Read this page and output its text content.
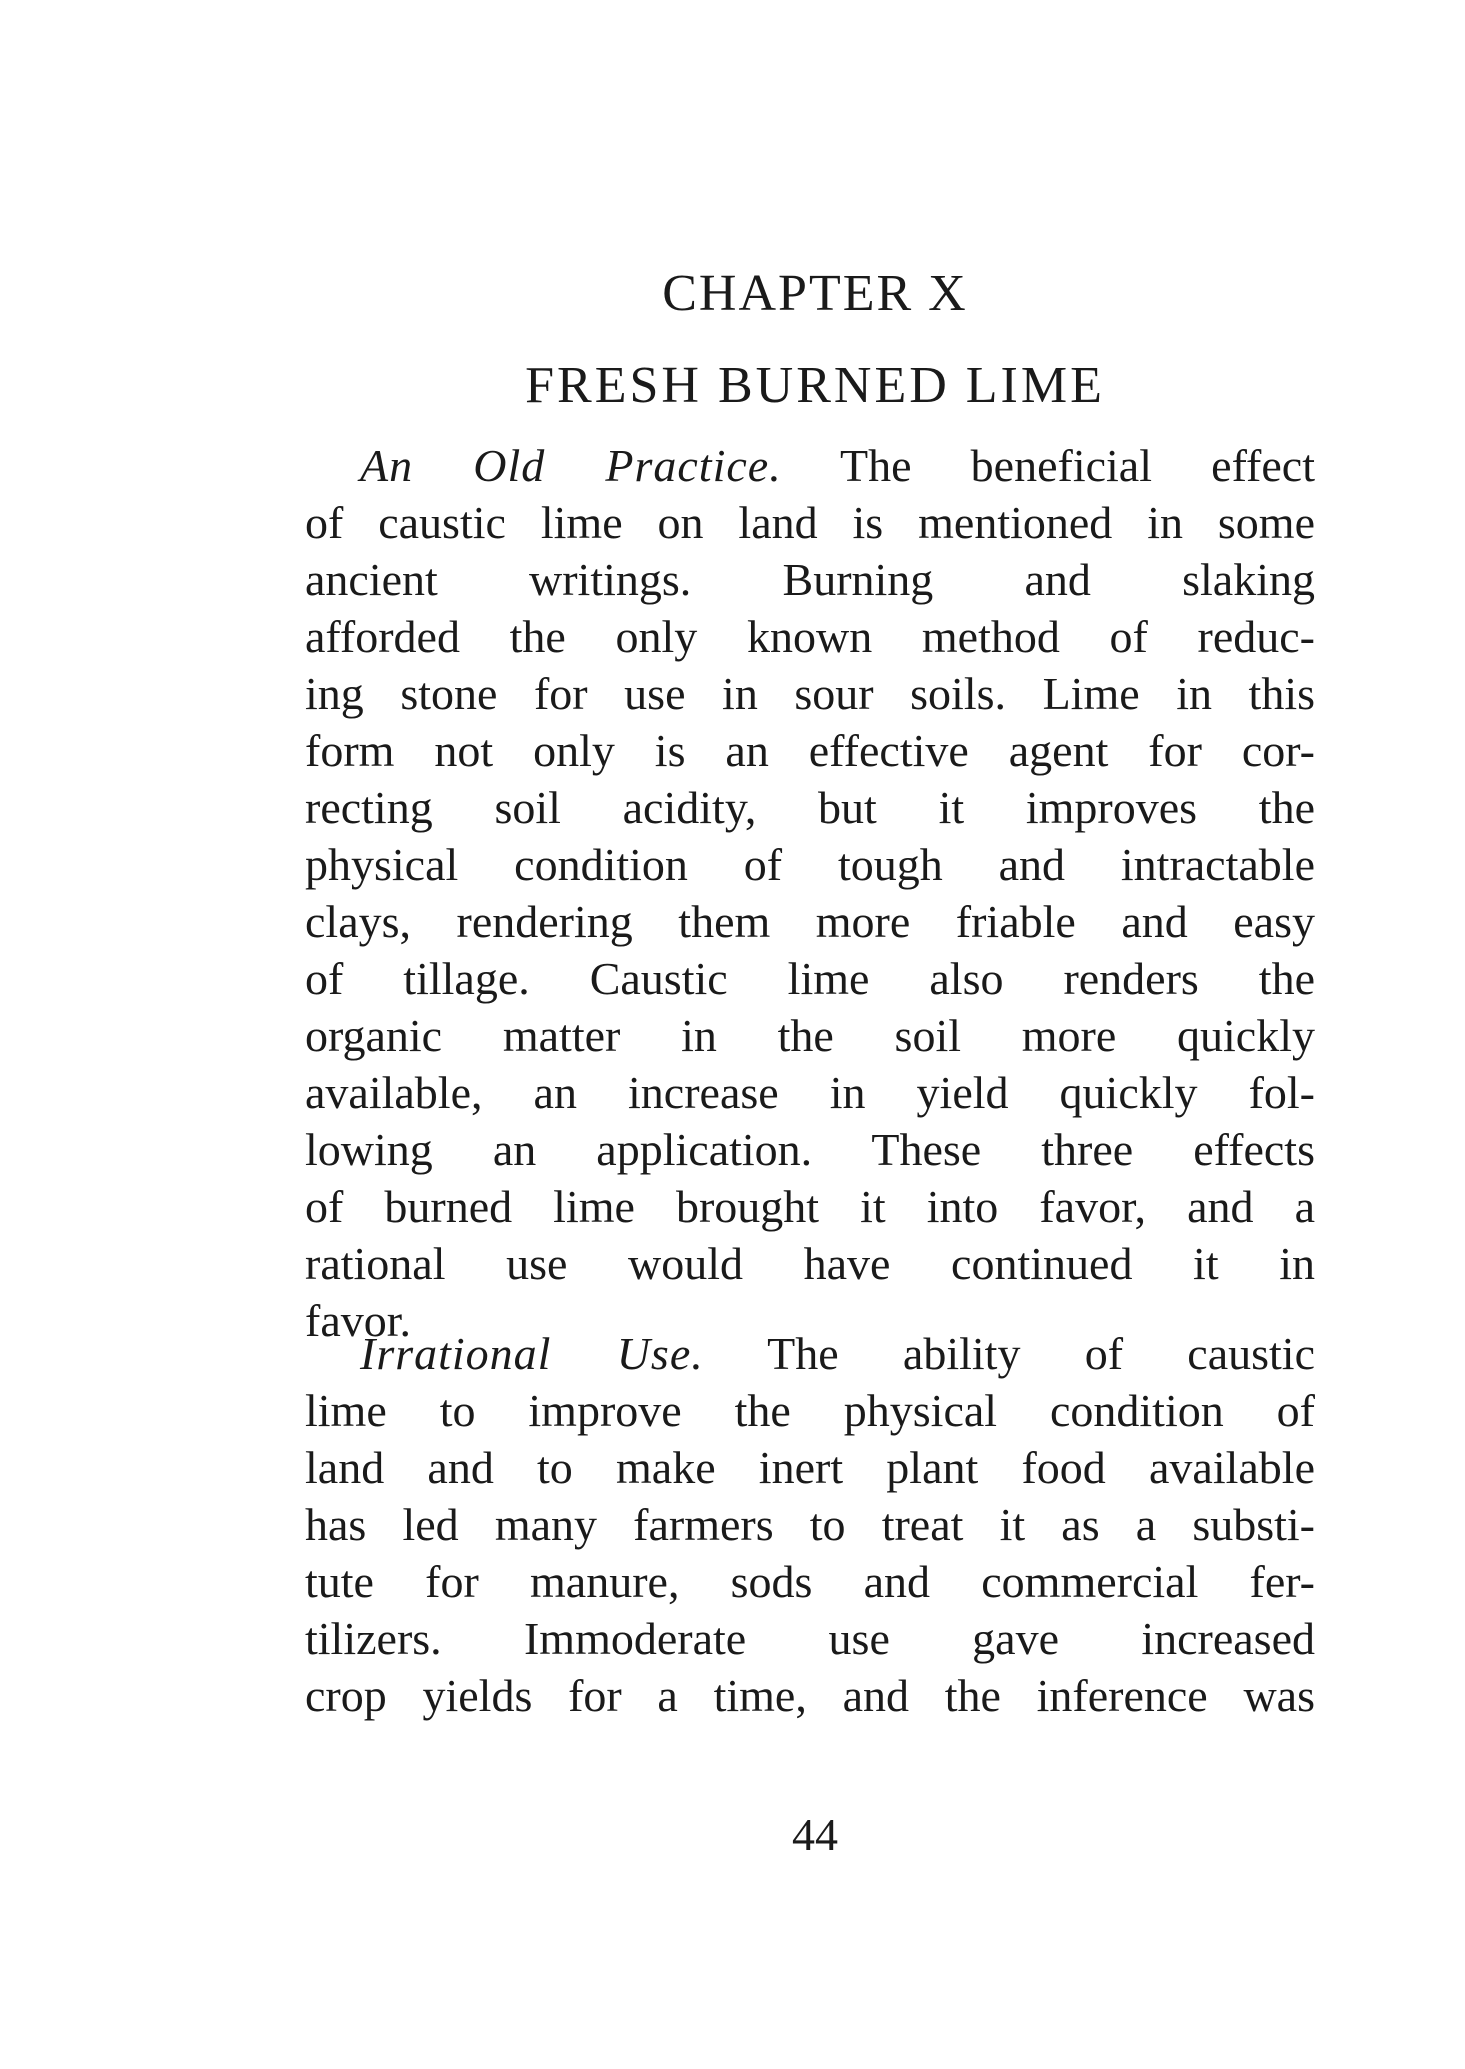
CHAPTER X
FRESH BURNED LIME
An Old Practice. The beneficial effect
of caustic lime on land is mentioned in some
ancient writings. Burning and slaking
afforded the only known method of reduc-
ing stone for use in sour soils. Lime in this
form not only is an effective agent for cor-
recting soil acidity, but it improves the
physical condition of tough and intractable
clays, rendering them more friable and easy
of tillage. Caustic lime also renders the
organic matter in the soil more quickly
available, an increase in yield quickly fol-
lowing an application. These three effects
of burned lime brought it into favor, and a
rational use would have continued it in
favor.
Irrational Use. The ability of caustic
lime to improve the physical condition of
land and to make inert plant food available
has led many farmers to treat it as a substi-
tute for manure, sods and commercial fer-
tilizers. Immoderate use gave increased
crop yields for a time, and the inference was
44
